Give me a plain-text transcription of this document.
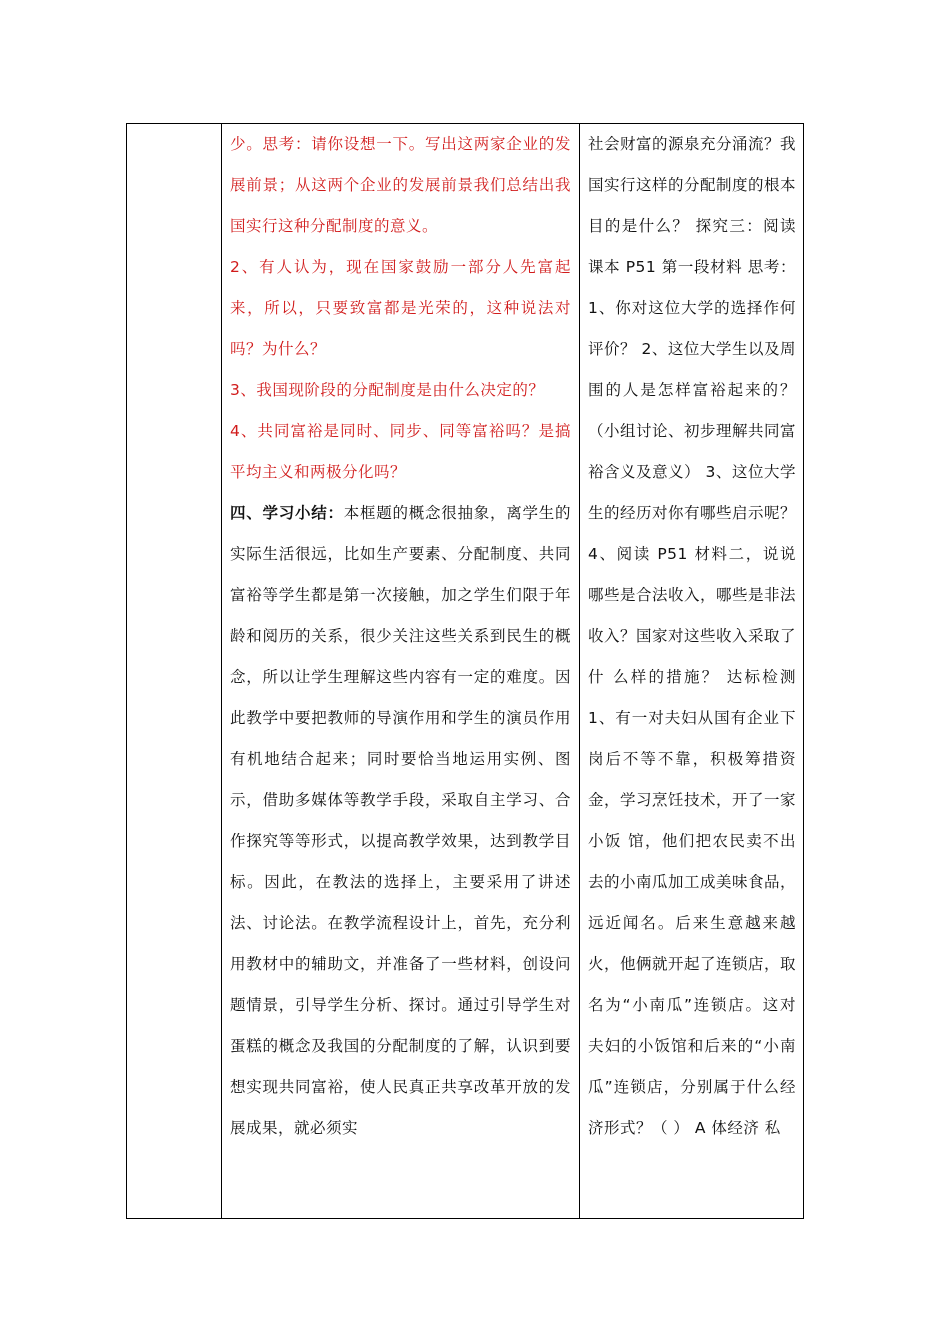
少。思考：请你设想一下。写出这两家企业的发展前景；从这两个企业的发展前景我们总结出我国实行这种分配制度的意义。

2、有人认为，现在国家鼓励一部分人先富起来，所以，只要致富都是光荣的，这种说法对吗？为什么？

3、我国现阶段的分配制度是由什么决定的？

4、共同富裕是同时、同步、同等富裕吗？是搞平均主义和两极分化吗？

四、学习小结：本框题的概念很抽象，离学生的实际生活很远，比如生产要素、分配制度、共同富裕等学生都是第一次接触，加之学生们限于年龄和阅历的关系，很少关注这些关系到民生的概念，所以让学生理解这些内容有一定的难度。因此教学中要把教师的导演作用和学生的演员作用有机地结合起来；同时要恰当地运用实例、图示，借助多媒体等教学手段，采取自主学习、合作探究等等形式，以提高教学效果，达到教学目标。因此，在教法的选择上，主要采用了讲述法、讨论法。在教学流程设计上，首先，充分利用教材中的辅助文，并准备了一些材料，创设问题情景，引导学生分析、探讨。通过引导学生对蛋糕的概念及我国的分配制度的了解，认识到要想实现共同富裕，使人民真正共享改革开放的发展成果，就必须实

社会财富的源泉充分涌流？我国实行这样的分配制度的根本目的是什么？ 探究三：阅读课本 P51 第一段材料 思考：1、你对这位大学的选择作何评价？ 2、这位大学生以及周围的人是怎样富裕起来的？ （小组讨论、初步理解共同富裕含义及意义） 3、这位大学生的经历对你有哪些启示呢？ 4、阅读 P51 材料二，说说哪些是合法收入，哪些是非法收入？国家对这些收入采取了什 么样的措施？ 达标检测 1、有一对夫妇从国有企业下岗后不等不靠，积极筹措资金，学习烹饪技术，开了一家小饭 馆，他们把农民卖不出去的小南瓜加工成美味食品，远近闻名。后来生意越来越火，他俩就开起了连锁店，取名为“小南瓜”连锁店。这对夫妇的小饭馆和后来的“小南瓜”连锁店，分别属于什么经济形式？（ ） A 体经济 私
